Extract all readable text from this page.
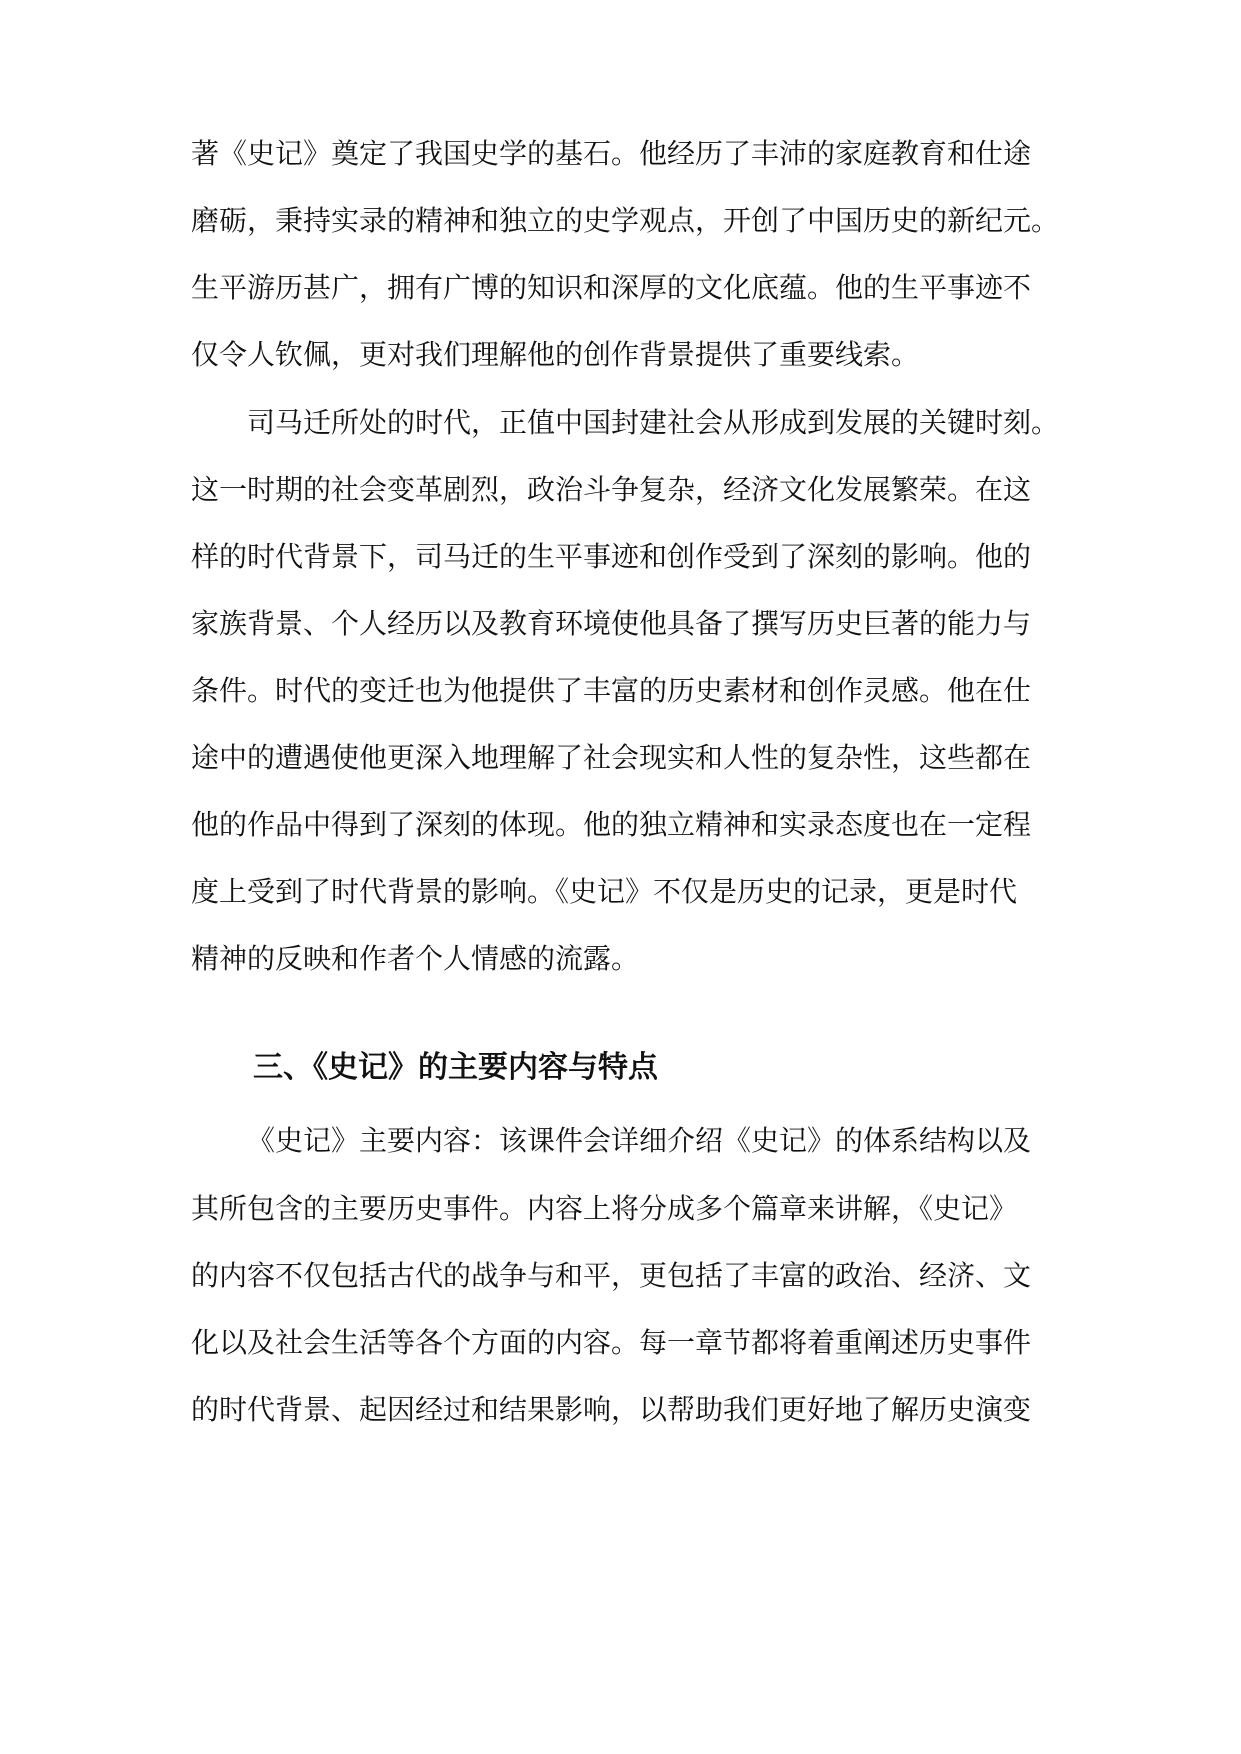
著《史记》奠定了我国史学的基石。他经历了丰沛的家庭教育和仕途
磨砺，秉持实录的精神和独立的史学观点，开创了中国历史的新纪元。
生平游历甚广，拥有广博的知识和深厚的文化底蕴。他的生平事迹不
仅令人钦佩，更对我们理解他的创作背景提供了重要线索。
司马迁所处的时代，正值中国封建社会从形成到发展的关键时刻。
这一时期的社会变革剧烈，政治斗争复杂，经济文化发展繁荣。在这
样的时代背景下，司马迁的生平事迹和创作受到了深刻的影响。他的
家族背景、个人经历以及教育环境使他具备了撰写历史巨著的能力与
条件。时代的变迁也为他提供了丰富的历史素材和创作灵感。他在仕
途中的遭遇使他更深入地理解了社会现实和人性的复杂性，这些都在
他的作品中得到了深刻的体现。他的独立精神和实录态度也在一定程
度上受到了时代背景的影响。《史记》不仅是历史的记录，更是时代
精神的反映和作者个人情感的流露。
三、《史记》的主要内容与特点
《史记》主要内容：该课件会详细介绍《史记》的体系结构以及
其所包含的主要历史事件。内容上将分成多个篇章来讲解，《史记》
的内容不仅包括古代的战争与和平，更包括了丰富的政治、经济、文
化以及社会生活等各个方面的内容。每一章节都将着重阐述历史事件
的时代背景、起因经过和结果影响，以帮助我们更好地了解历史演变
